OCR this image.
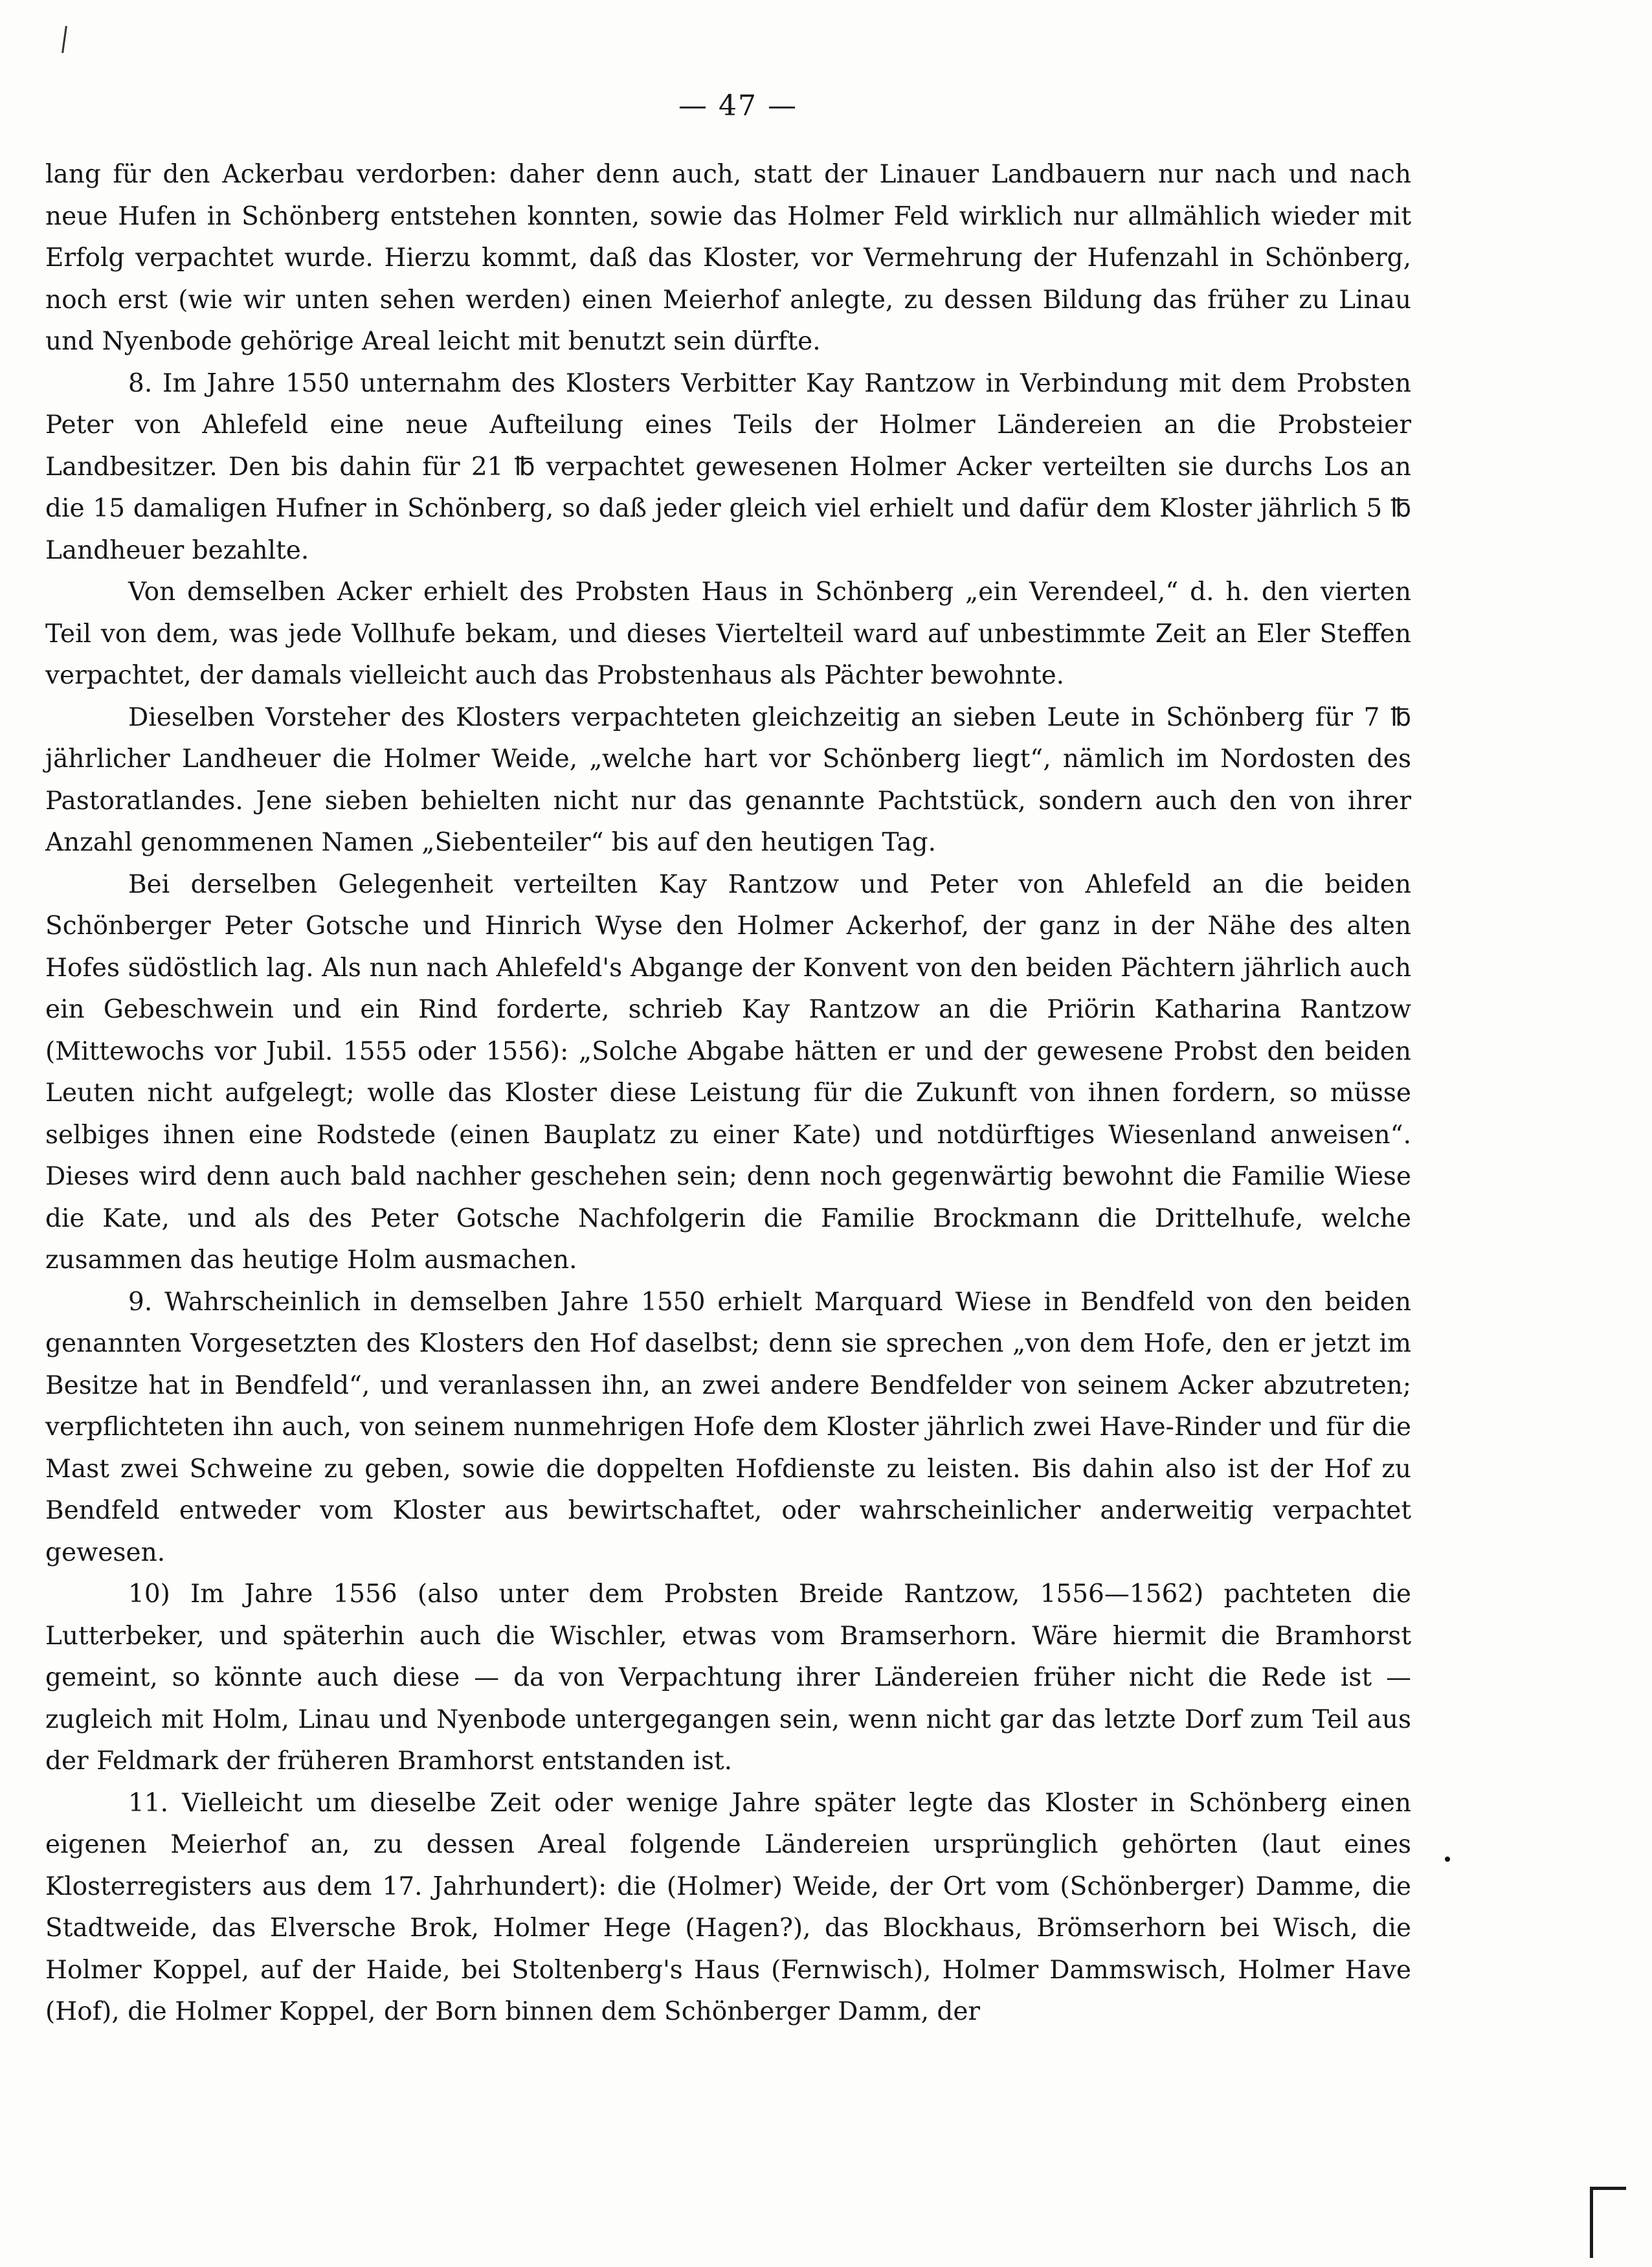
— 47 —

lang für den Ackerbau verdorben: daher denn auch, statt der Linauer Landbauern nur nach und nach neue Hufen in Schönberg entstehen konnten, sowie das Holmer Feld wirklich nur allmählich wieder mit Erfolg verpachtet wurde. Hierzu kommt, daß das Kloster, vor Vermehrung der Hufenzahl in Schönberg, noch erst (wie wir unten sehen werden) einen Meierhof anlegte, zu dessen Bildung das früher zu Linau und Nyenbode gehörige Areal leicht mit benutzt sein dürfte.

8. Im Jahre 1550 unternahm des Klosters Verbitter Kay Rantzow in Verbindung mit dem Probsten Peter von Ahlefeld eine neue Aufteilung eines Teils der Holmer Ländereien an die Probsteier Landbesitzer. Den bis dahin für 21 ℔ verpachtet gewesenen Holmer Acker verteilten sie durchs Los an die 15 damaligen Hufner in Schönberg, so daß jeder gleich viel erhielt und dafür dem Kloster jährlich 5 ℔ Landheuer bezahlte.

Von demselben Acker erhielt des Probsten Haus in Schönberg „ein Verendeel,“ d. h. den vierten Teil von dem, was jede Vollhufe bekam, und dieses Viertelteil ward auf unbestimmte Zeit an Eler Steffen verpachtet, der damals vielleicht auch das Probstenhaus als Pächter bewohnte.

Dieselben Vorsteher des Klosters verpachteten gleichzeitig an sieben Leute in Schönberg für 7 ℔ jährlicher Landheuer die Holmer Weide, „welche hart vor Schönberg liegt“, nämlich im Nordosten des Pastoratlandes. Jene sieben behielten nicht nur das genannte Pachtstück, sondern auch den von ihrer Anzahl genommenen Namen „Siebenteiler“ bis auf den heutigen Tag.

Bei derselben Gelegenheit verteilten Kay Rantzow und Peter von Ahlefeld an die beiden Schönberger Peter Gotsche und Hinrich Wyse den Holmer Ackerhof, der ganz in der Nähe des alten Hofes südöstlich lag. Als nun nach Ahlefeld's Abgange der Konvent von den beiden Pächtern jährlich auch ein Gebeschwein und ein Rind forderte, schrieb Kay Rantzow an die Priörin Katharina Rantzow (Mittewochs vor Jubil. 1555 oder 1556): „Solche Abgabe hätten er und der gewesene Probst den beiden Leuten nicht aufgelegt; wolle das Kloster diese Leistung für die Zukunft von ihnen fordern, so müsse selbiges ihnen eine Rodstede (einen Bauplatz zu einer Kate) und notdürftiges Wiesenland anweisen“. Dieses wird denn auch bald nachher geschehen sein; denn noch gegenwärtig bewohnt die Familie Wiese die Kate, und als des Peter Gotsche Nachfolgerin die Familie Brockmann die Drittelhufe, welche zusammen das heutige Holm ausmachen.

9. Wahrscheinlich in demselben Jahre 1550 erhielt Marquard Wiese in Bendfeld von den beiden genannten Vorgesetzten des Klosters den Hof daselbst; denn sie sprechen „von dem Hofe, den er jetzt im Besitze hat in Bendfeld“, und veranlassen ihn, an zwei andere Bendfelder von seinem Acker abzutreten; verpflichteten ihn auch, von seinem nunmehrigen Hofe dem Kloster jährlich zwei Have-Rinder und für die Mast zwei Schweine zu geben, sowie die doppelten Hofdienste zu leisten. Bis dahin also ist der Hof zu Bendfeld entweder vom Kloster aus bewirtschaftet, oder wahrscheinlicher anderweitig verpachtet gewesen.

10) Im Jahre 1556 (also unter dem Probsten Breide Rantzow, 1556—1562) pachteten die Lutterbeker, und späterhin auch die Wischler, etwas vom Bramserhorn. Wäre hiermit die Bramhorst gemeint, so könnte auch diese — da von Verpachtung ihrer Ländereien früher nicht die Rede ist — zugleich mit Holm, Linau und Nyenbode untergegangen sein, wenn nicht gar das letzte Dorf zum Teil aus der Feldmark der früheren Bramhorst entstanden ist.

11. Vielleicht um dieselbe Zeit oder wenige Jahre später legte das Kloster in Schönberg einen eigenen Meierhof an, zu dessen Areal folgende Ländereien ursprünglich gehörten (laut eines Klosterregisters aus dem 17. Jahrhundert): die (Holmer) Weide, der Ort vom (Schönberger) Damme, die Stadtweide, das Elversche Brok, Holmer Hege (Hagen?), das Blockhaus, Brömserhorn bei Wisch, die Holmer Koppel, auf der Haide, bei Stoltenberg's Haus (Fernwisch), Holmer Dammswisch, Holmer Have (Hof), die Holmer Koppel, der Born binnen dem Schönberger Damm, der
